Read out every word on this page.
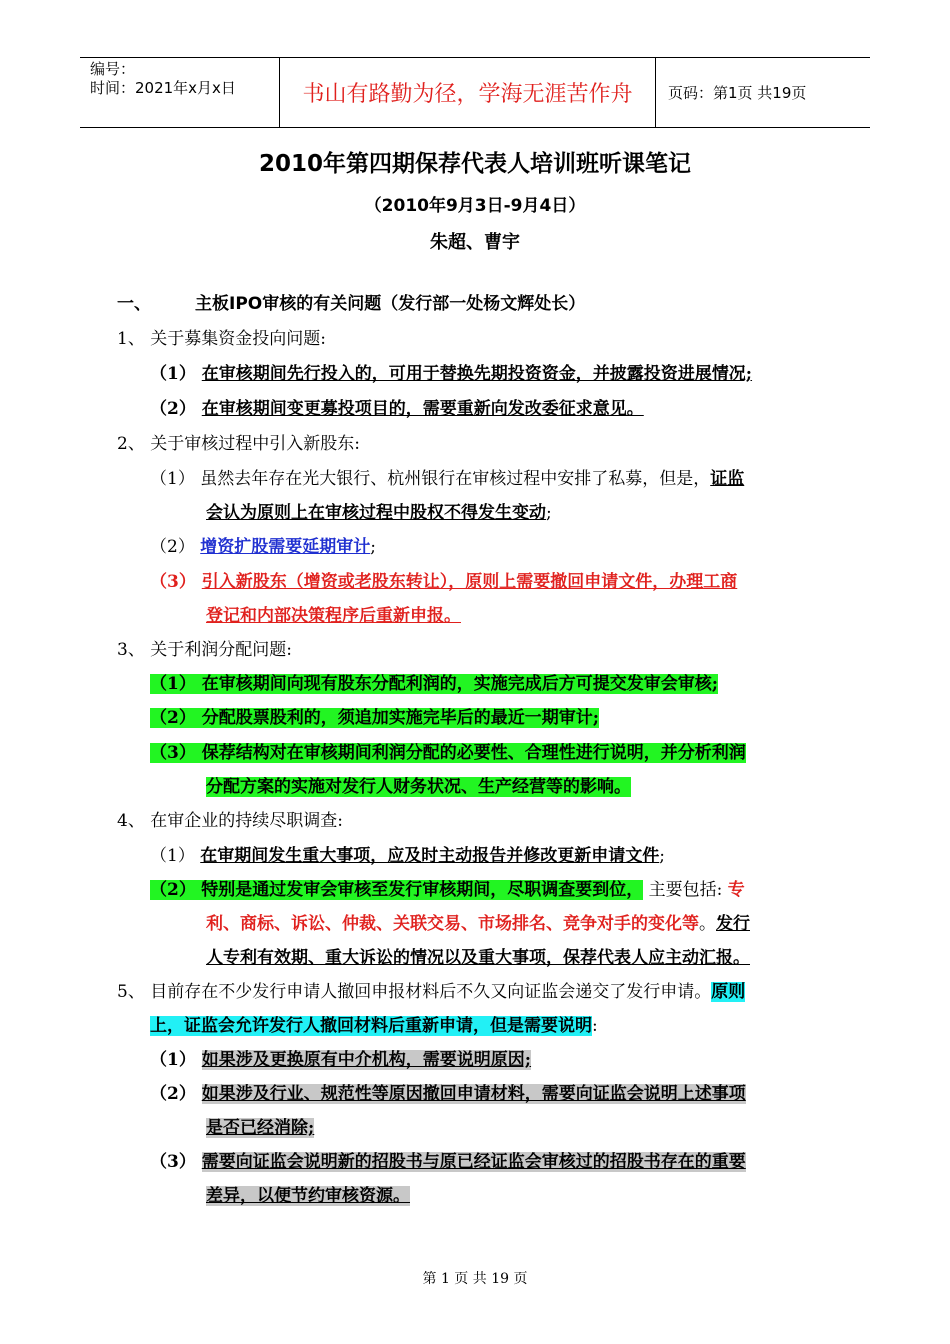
编号：
时间：2021年x月x日	书山有路勤为径，学海无涯苦作舟	页码：第1页 共19页
2010年第四期保荐代表人培训班听课笔记
（2010年9月3日-9月4日）
朱超、曹宇
一、	主板IPO审核的有关问题（发行部一处杨文辉处长）
1、 关于募集资金投向问题:
（1） 在审核期间先行投入的，可用于替换先期投资资金，并披露投资进展情况;
（2） 在审核期间变更募投项目的，需要重新向发改委征求意见。
2、 关于审核过程中引入新股东:
（1） 虽然去年存在光大银行、杭州银行在审核过程中安排了私募，但是，证监
会认为原则上在审核过程中股权不得发生变动;
（2） 增资扩股需要延期审计;
（3） 引入新股东（增资或老股东转让），原则上需要撤回申请文件，办理工商
登记和内部决策程序后重新申报。
3、 关于利润分配问题:
（1） 在审核期间向现有股东分配利润的，实施完成后方可提交发审会审核;
（2） 分配股票股利的，须追加实施完毕后的最近一期审计;
（3） 保荐结构对在审核期间利润分配的必要性、合理性进行说明，并分析利润
分配方案的实施对发行人财务状况、生产经营等的影响。
4、 在审企业的持续尽职调查:
（1） 在审期间发生重大事项，应及时主动报告并修改更新申请文件;
（2） 特别是通过发审会审核至发行审核期间，尽职调查要到位， 主要包括: 专
利、商标、诉讼、仲裁、关联交易、市场排名、竞争对手的变化等。发行
人专利有效期、重大诉讼的情况以及重大事项，保荐代表人应主动汇报。
5、 目前存在不少发行申请人撤回申报材料后不久又向证监会递交了发行申请。原则
上，证监会允许发行人撤回材料后重新申请，但是需要说明:
（1） 如果涉及更换原有中介机构，需要说明原因;
（2） 如果涉及行业、规范性等原因撤回申请材料，需要向证监会说明上述事项
是否已经消除;
（3） 需要向证监会说明新的招股书与原已经证监会审核过的招股书存在的重要
差异，以便节约审核资源。
第 1 页 共 19 页
